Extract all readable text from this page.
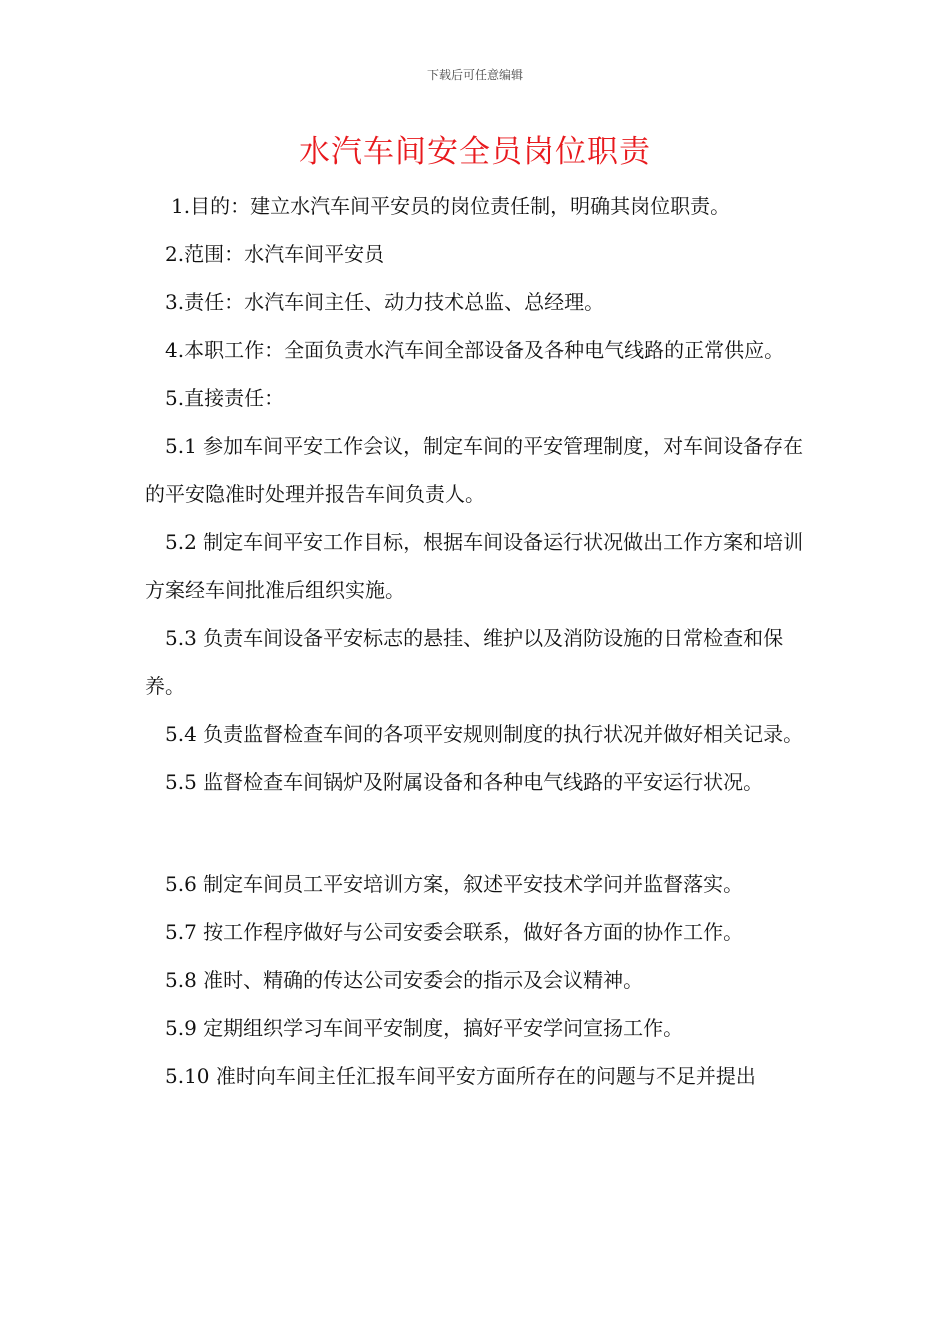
下载后可任意编辑
水汽车间安全员岗位职责

1.目的：建立水汽车间平安员的岗位责任制，明确其岗位职责。

2.范围：水汽车间平安员

3.责任：水汽车间主任、动力技术总监、总经理。

4.本职工作：全面负责水汽车间全部设备及各种电气线路的正常供应。

5.直接责任：

5.1 参加车间平安工作会议，制定车间的平安管理制度，对车间设备存在的平安隐准时处理并报告车间负责人。

5.2 制定车间平安工作目标，根据车间设备运行状况做出工作方案和培训方案经车间批准后组织实施。

5.3 负责车间设备平安标志的悬挂、维护以及消防设施的日常检查和保养。

5.4 负责监督检查车间的各项平安规则制度的执行状况并做好相关记录。

5.5 监督检查车间锅炉及附属设备和各种电气线路的平安运行状况。

5.6 制定车间员工平安培训方案，叙述平安技术学问并监督落实。

5.7 按工作程序做好与公司安委会联系，做好各方面的协作工作。

5.8 准时、精确的传达公司安委会的指示及会议精神。

5.9 定期组织学习车间平安制度，搞好平安学问宣扬工作。

5.10 准时向车间主任汇报车间平安方面所存在的问题与不足并提出
